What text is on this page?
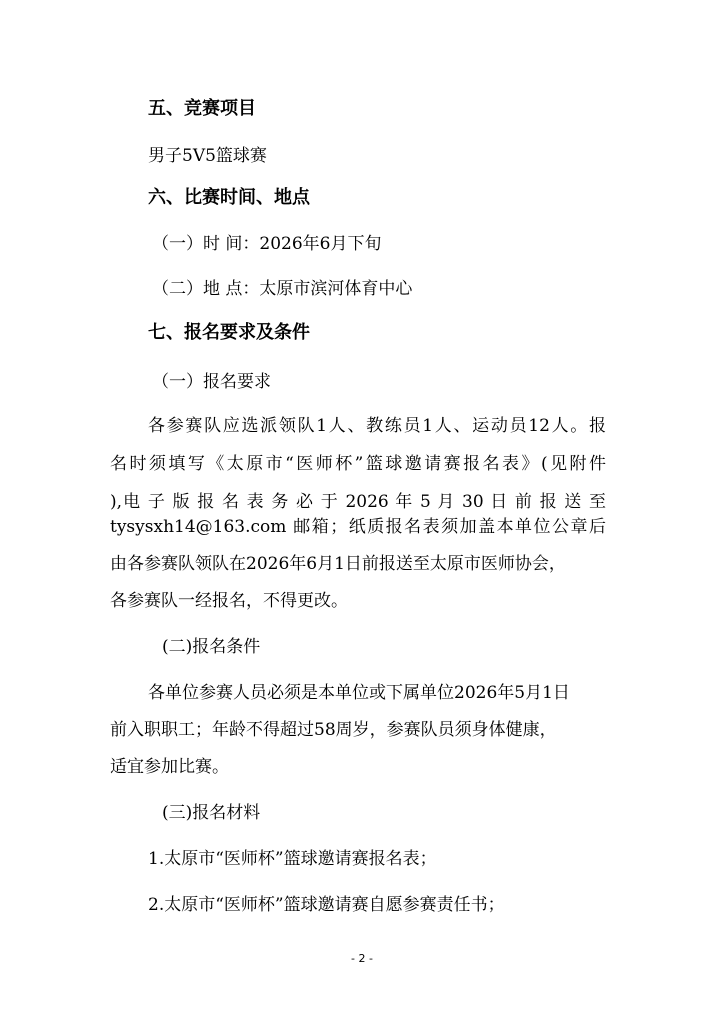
五、竞赛项目
男子5V5篮球赛
六、比赛时间、地点
（一）时 间：2026年6月下旬
（二）地 点：太原市滨河体育中心
七、报名要求及条件
（一）报名要求
各参赛队应选派领队1人、教练员1人、运动员12人。报
名时须填写《太原市“医师杯”篮球邀请赛报名表》(见附件
),电 子 版 报 名 表 务 必 于 2026 年 5 月 30 日 前 报 送 至
tysysxh14@163.com 邮箱；纸质报名表须加盖本单位公章后
由各参赛队领队在2026年6月1日前报送至太原市医师协会，
各参赛队一经报名，不得更改。
(二)报名条件
各单位参赛人员必须是本单位或下属单位2026年5月1日
前入职职工；年龄不得超过58周岁，参赛队员须身体健康，
适宜参加比赛。
(三)报名材料
1.太原市“医师杯”篮球邀请赛报名表；
2.太原市“医师杯”篮球邀请赛自愿参赛责任书；
- 2 -
